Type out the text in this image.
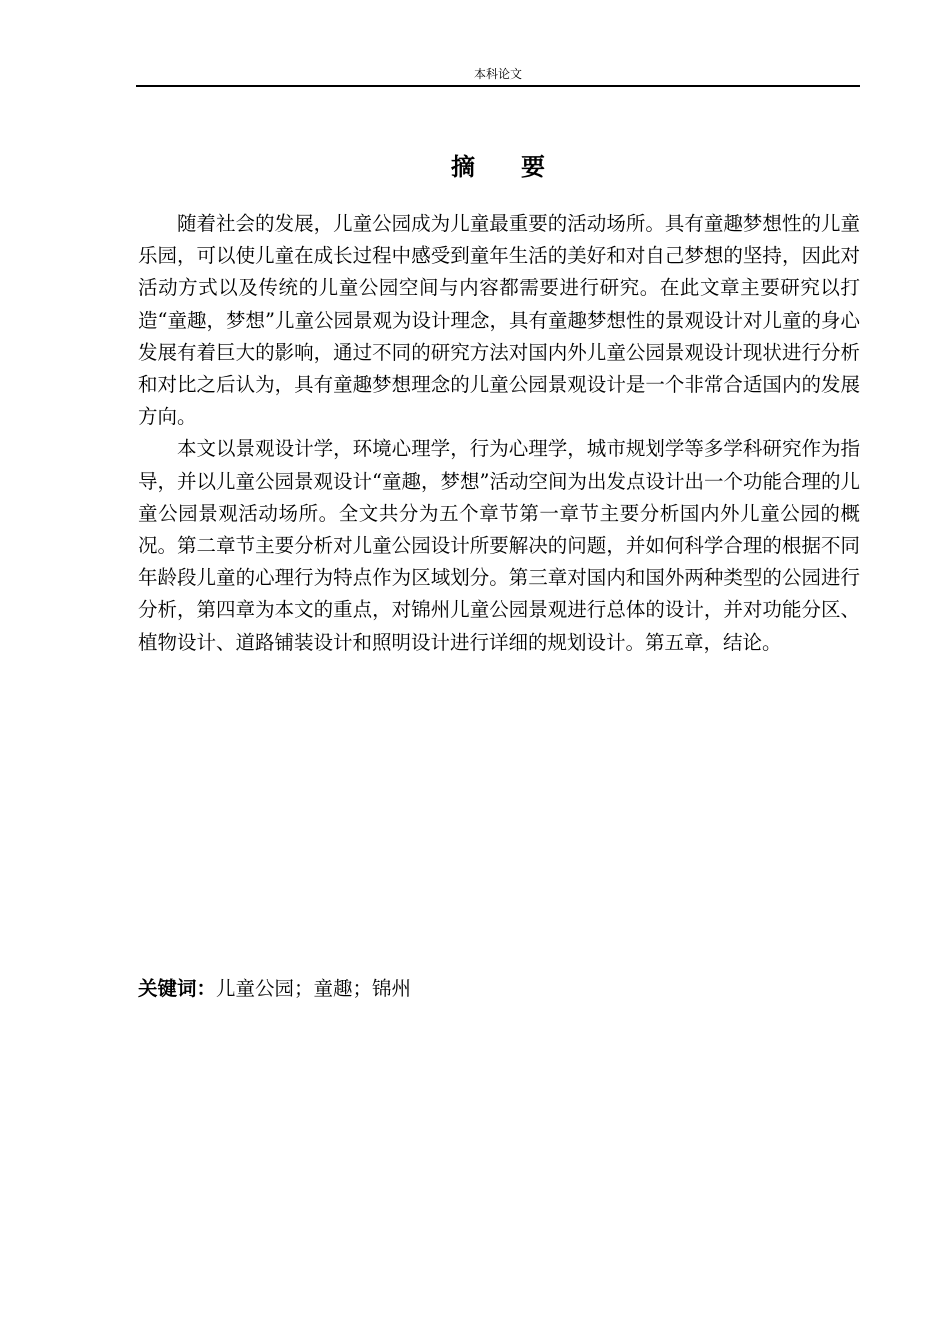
本科论文
摘要

随着社会的发展，儿童公园成为儿童最重要的活动场所。具有童趣梦想性的儿童乐园，可以使儿童在成长过程中感受到童年生活的美好和对自己梦想的坚持，因此对活动方式以及传统的儿童公园空间与内容都需要进行研究。在此文章主要研究以打造“童趣，梦想”儿童公园景观为设计理念，具有童趣梦想性的景观设计对儿童的身心发展有着巨大的影响，通过不同的研究方法对国内外儿童公园景观设计现状进行分析和对比之后认为，具有童趣梦想理念的儿童公园景观设计是一个非常合适国内的发展方向。

本文以景观设计学，环境心理学，行为心理学，城市规划学等多学科研究作为指导，并以儿童公园景观设计“童趣，梦想”活动空间为出发点设计出一个功能合理的儿童公园景观活动场所。全文共分为五个章节第一章节主要分析国内外儿童公园的概况。第二章节主要分析对儿童公园设计所要解决的问题，并如何科学合理的根据不同年龄段儿童的心理行为特点作为区域划分。第三章对国内和国外两种类型的公园进行分析，第四章为本文的重点，对锦州儿童公园景观进行总体的设计，并对功能分区、植物设计、道路铺装设计和照明设计进行详细的规划设计。第五章，结论。

关键词：儿童公园；童趣；锦州
